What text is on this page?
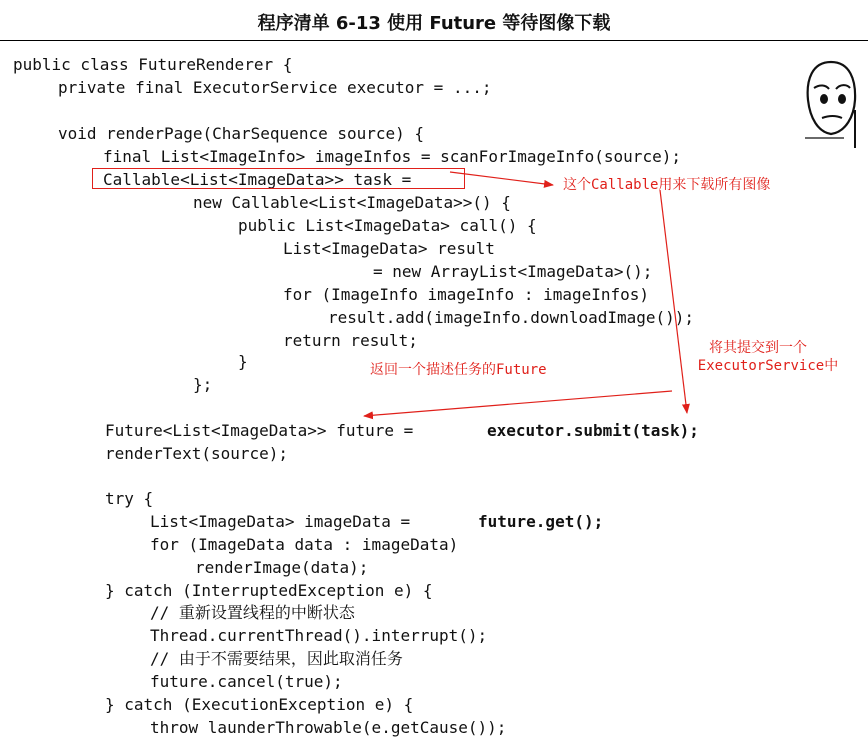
程序清单 6-13 使用 Future 等待图像下载
public class FutureRenderer {
private final ExecutorService executor = ...;
void renderPage(CharSequence source) {
final List<ImageInfo> imageInfos = scanForImageInfo(source);
Callable<List<ImageData>> task =
new Callable<List<ImageData>>() {
public List<ImageData> call() {
List<ImageData> result
= new ArrayList<ImageData>();
for (ImageInfo imageInfo : imageInfos)
result.add(imageInfo.downloadImage());
return result;
}
};
Future<List<ImageData>> future =	executor.submit(task);
renderText(source);
try {
List<ImageData> imageData =	future.get();
for (ImageData data : imageData)
renderImage(data);
} catch (InterruptedException e) {
// 重新设置线程的中断状态
Thread.currentThread().interrupt();
// 由于不需要结果，因此取消任务
future.cancel(true);
} catch (ExecutionException e) {
throw launderThrowable(e.getCause());
这个Callable用来下载所有图像
将其提交到一个
ExecutorService中
返回一个描述任务的Future
